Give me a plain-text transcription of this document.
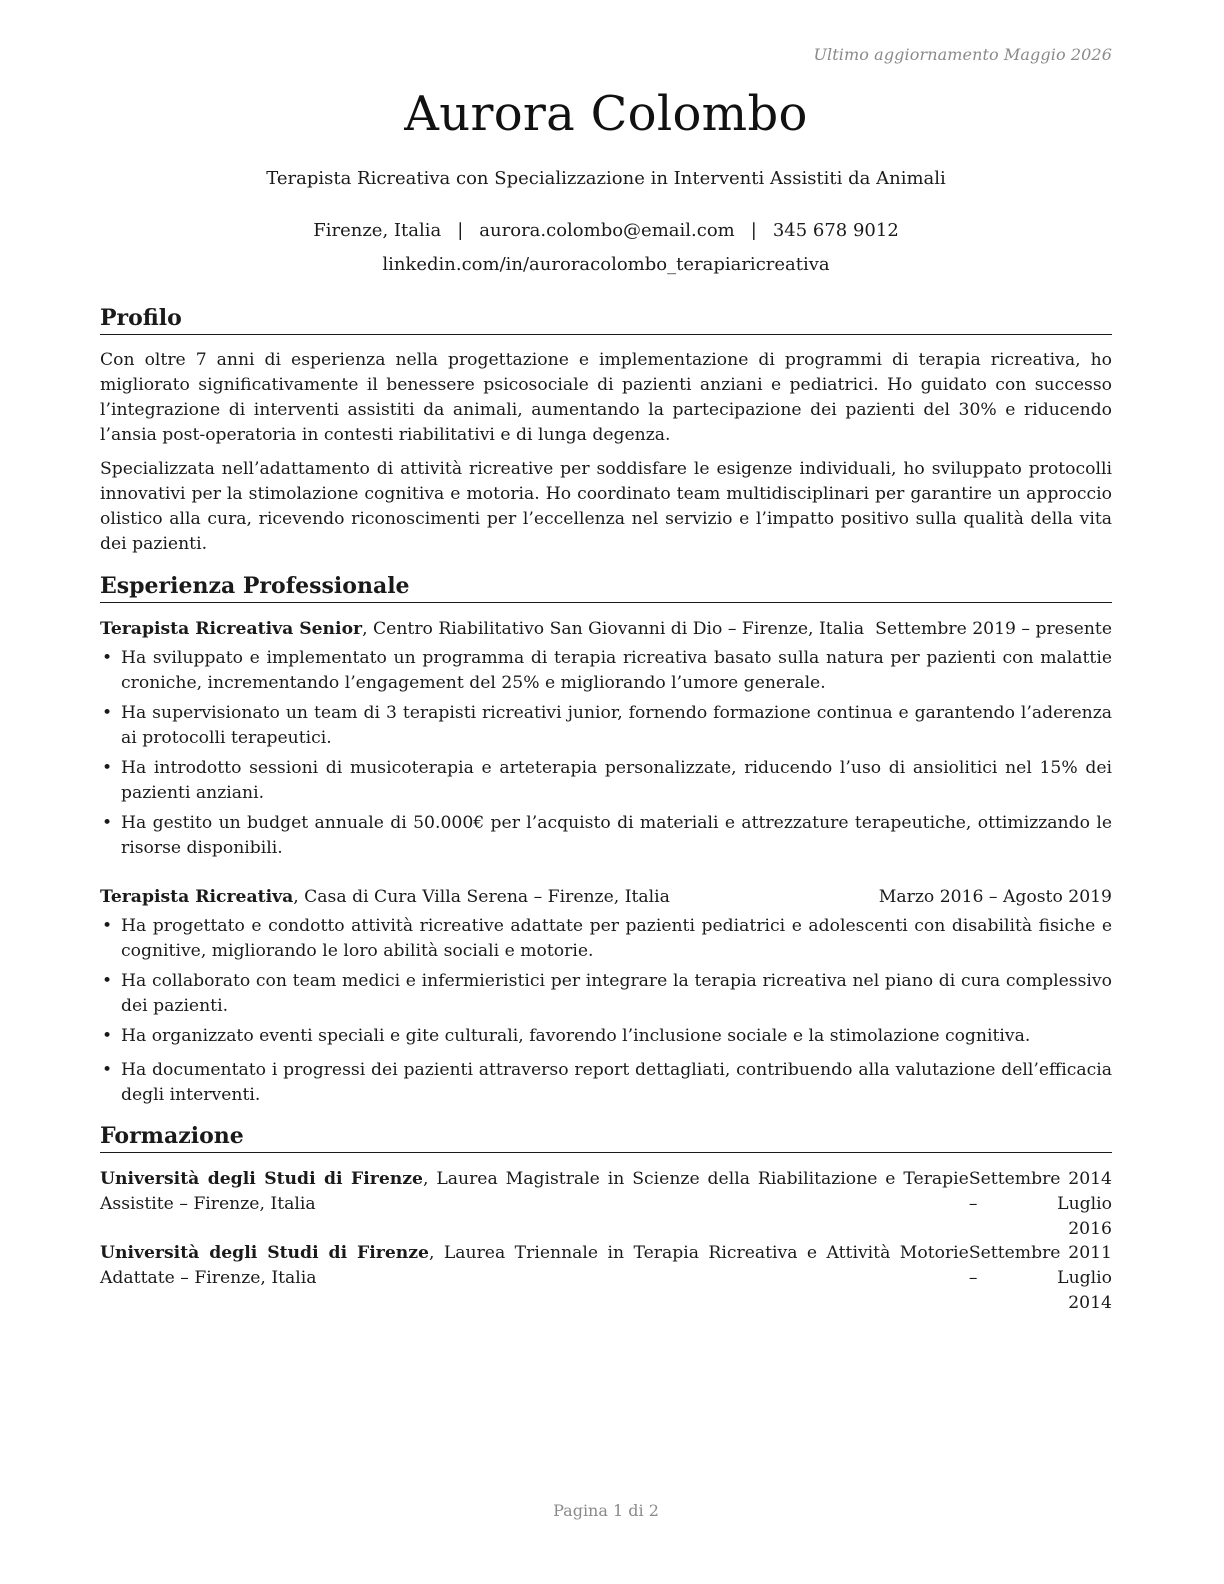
Ultimo aggiornamento Maggio 2026
Aurora Colombo
Terapista Ricreativa con Specializzazione in Interventi Assistiti da Animali
Firenze, Italia | aurora.colombo@email.com | 345 678 9012
linkedin.com/in/auroracolombo_terapiaricreativa
Profilo
Con oltre 7 anni di esperienza nella progettazione e implementazione di programmi di terapia ricreativa, ho migliorato significativamente il benessere psicosociale di pazienti anziani e pediatrici. Ho guidato con successo l’integrazione di interventi assistiti da animali, aumentando la partecipazione dei pazienti del 30% e riducendo l’ansia post-operatoria in contesti riabilitativi e di lunga degenza.
Specializzata nell’adattamento di attività ricreative per soddisfare le esigenze individuali, ho sviluppato protocolli innovativi per la stimolazione cognitiva e motoria. Ho coordinato team multidisciplinari per garantire un approccio olistico alla cura, ricevendo riconoscimenti per l’eccellenza nel servizio e l’impatto positivo sulla qualità della vita dei pazienti.
Esperienza Professionale
Terapista Ricreativa Senior, Centro Riabilitativo San Giovanni di Dio – Firenze, Italia Settembre 2019 – presente
• Ha sviluppato e implementato un programma di terapia ricreativa basato sulla natura per pazienti con malattie croniche, incrementando l’engagement del 25% e migliorando l’umore generale.
• Ha supervisionato un team di 3 terapisti ricreativi junior, fornendo formazione continua e garantendo l’aderenza ai protocolli terapeutici.
• Ha introdotto sessioni di musicoterapia e arteterapia personalizzate, riducendo l’uso di ansiolitici nel 15% dei pazienti anziani.
• Ha gestito un budget annuale di 50.000€ per l’acquisto di materiali e attrezzature terapeutiche, ottimizzando le risorse disponibili.
Terapista Ricreativa, Casa di Cura Villa Serena – Firenze, Italia	Marzo 2016 – Agosto 2019
• Ha progettato e condotto attività ricreative adattate per pazienti pediatrici e adolescenti con disabilità fisiche e cognitive, migliorando le loro abilità sociali e motorie.
• Ha collaborato con team medici e infermieristici per integrare la terapia ricreativa nel piano di cura complessivo dei pazienti.
• Ha organizzato eventi speciali e gite culturali, favorendo l’inclusione sociale e la stimolazione cognitiva.
• Ha documentato i progressi dei pazienti attraverso report dettagliati, contribuendo alla valutazione dell’efficacia degli interventi.
Formazione
Università degli Studi di Firenze, Laurea Magistrale in Scienze della Riabilitazione e Terapie Assistite – Firenze, Italia
Settembre 2014 – Luglio
2016
Università degli Studi di Firenze, Laurea Triennale in Terapia Ricreativa e Attività Motorie Adattate – Firenze, Italia
Settembre 2011 – Luglio
2014
Pagina 1 di 2
